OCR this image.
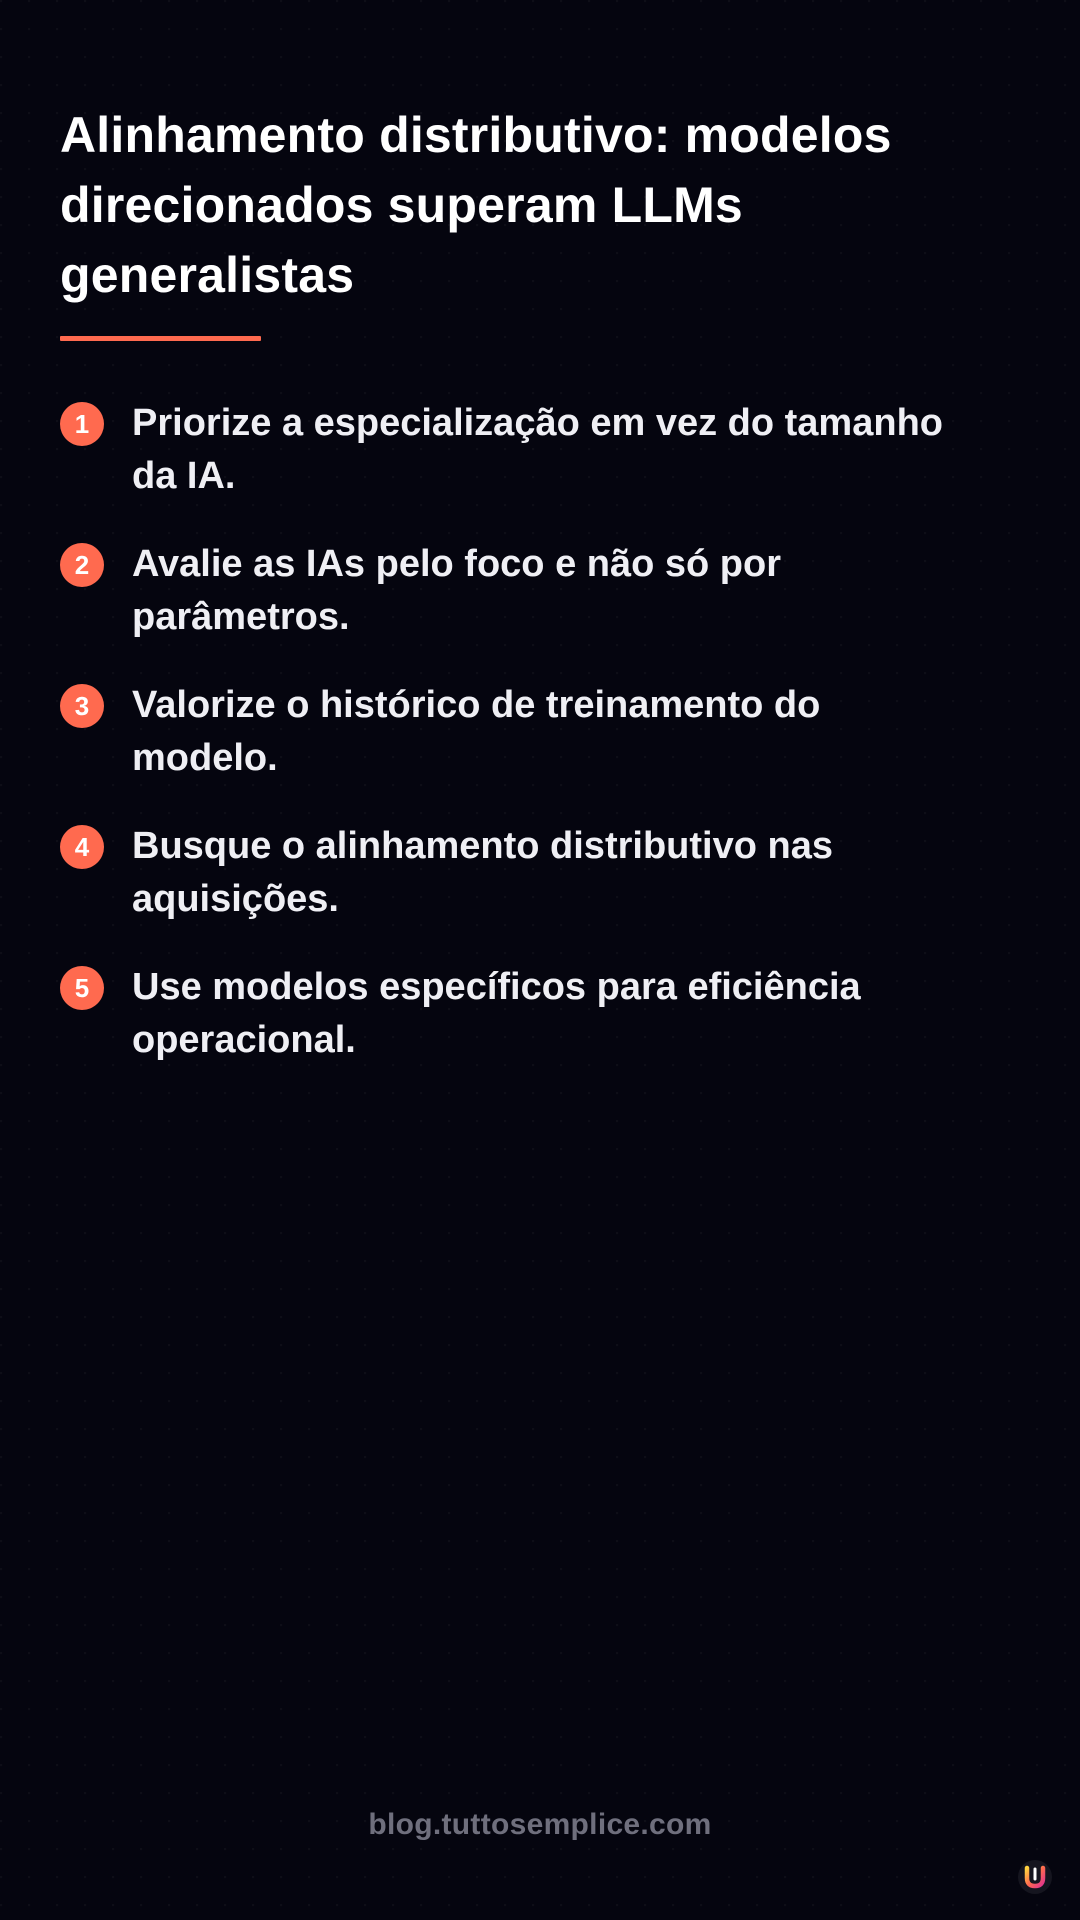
Alinhamento distributivo: modelos direcionados superam LLMs generalistas
1	Priorize a especialização em vez do tamanho da IA.
2	Avalie as IAs pelo foco e não só por parâmetros.
3	Valorize o histórico de treinamento do modelo.
4	Busque o alinhamento distributivo nas aquisições.
5	Use modelos específicos para eficiência operacional.
blog.tuttosemplice.com
